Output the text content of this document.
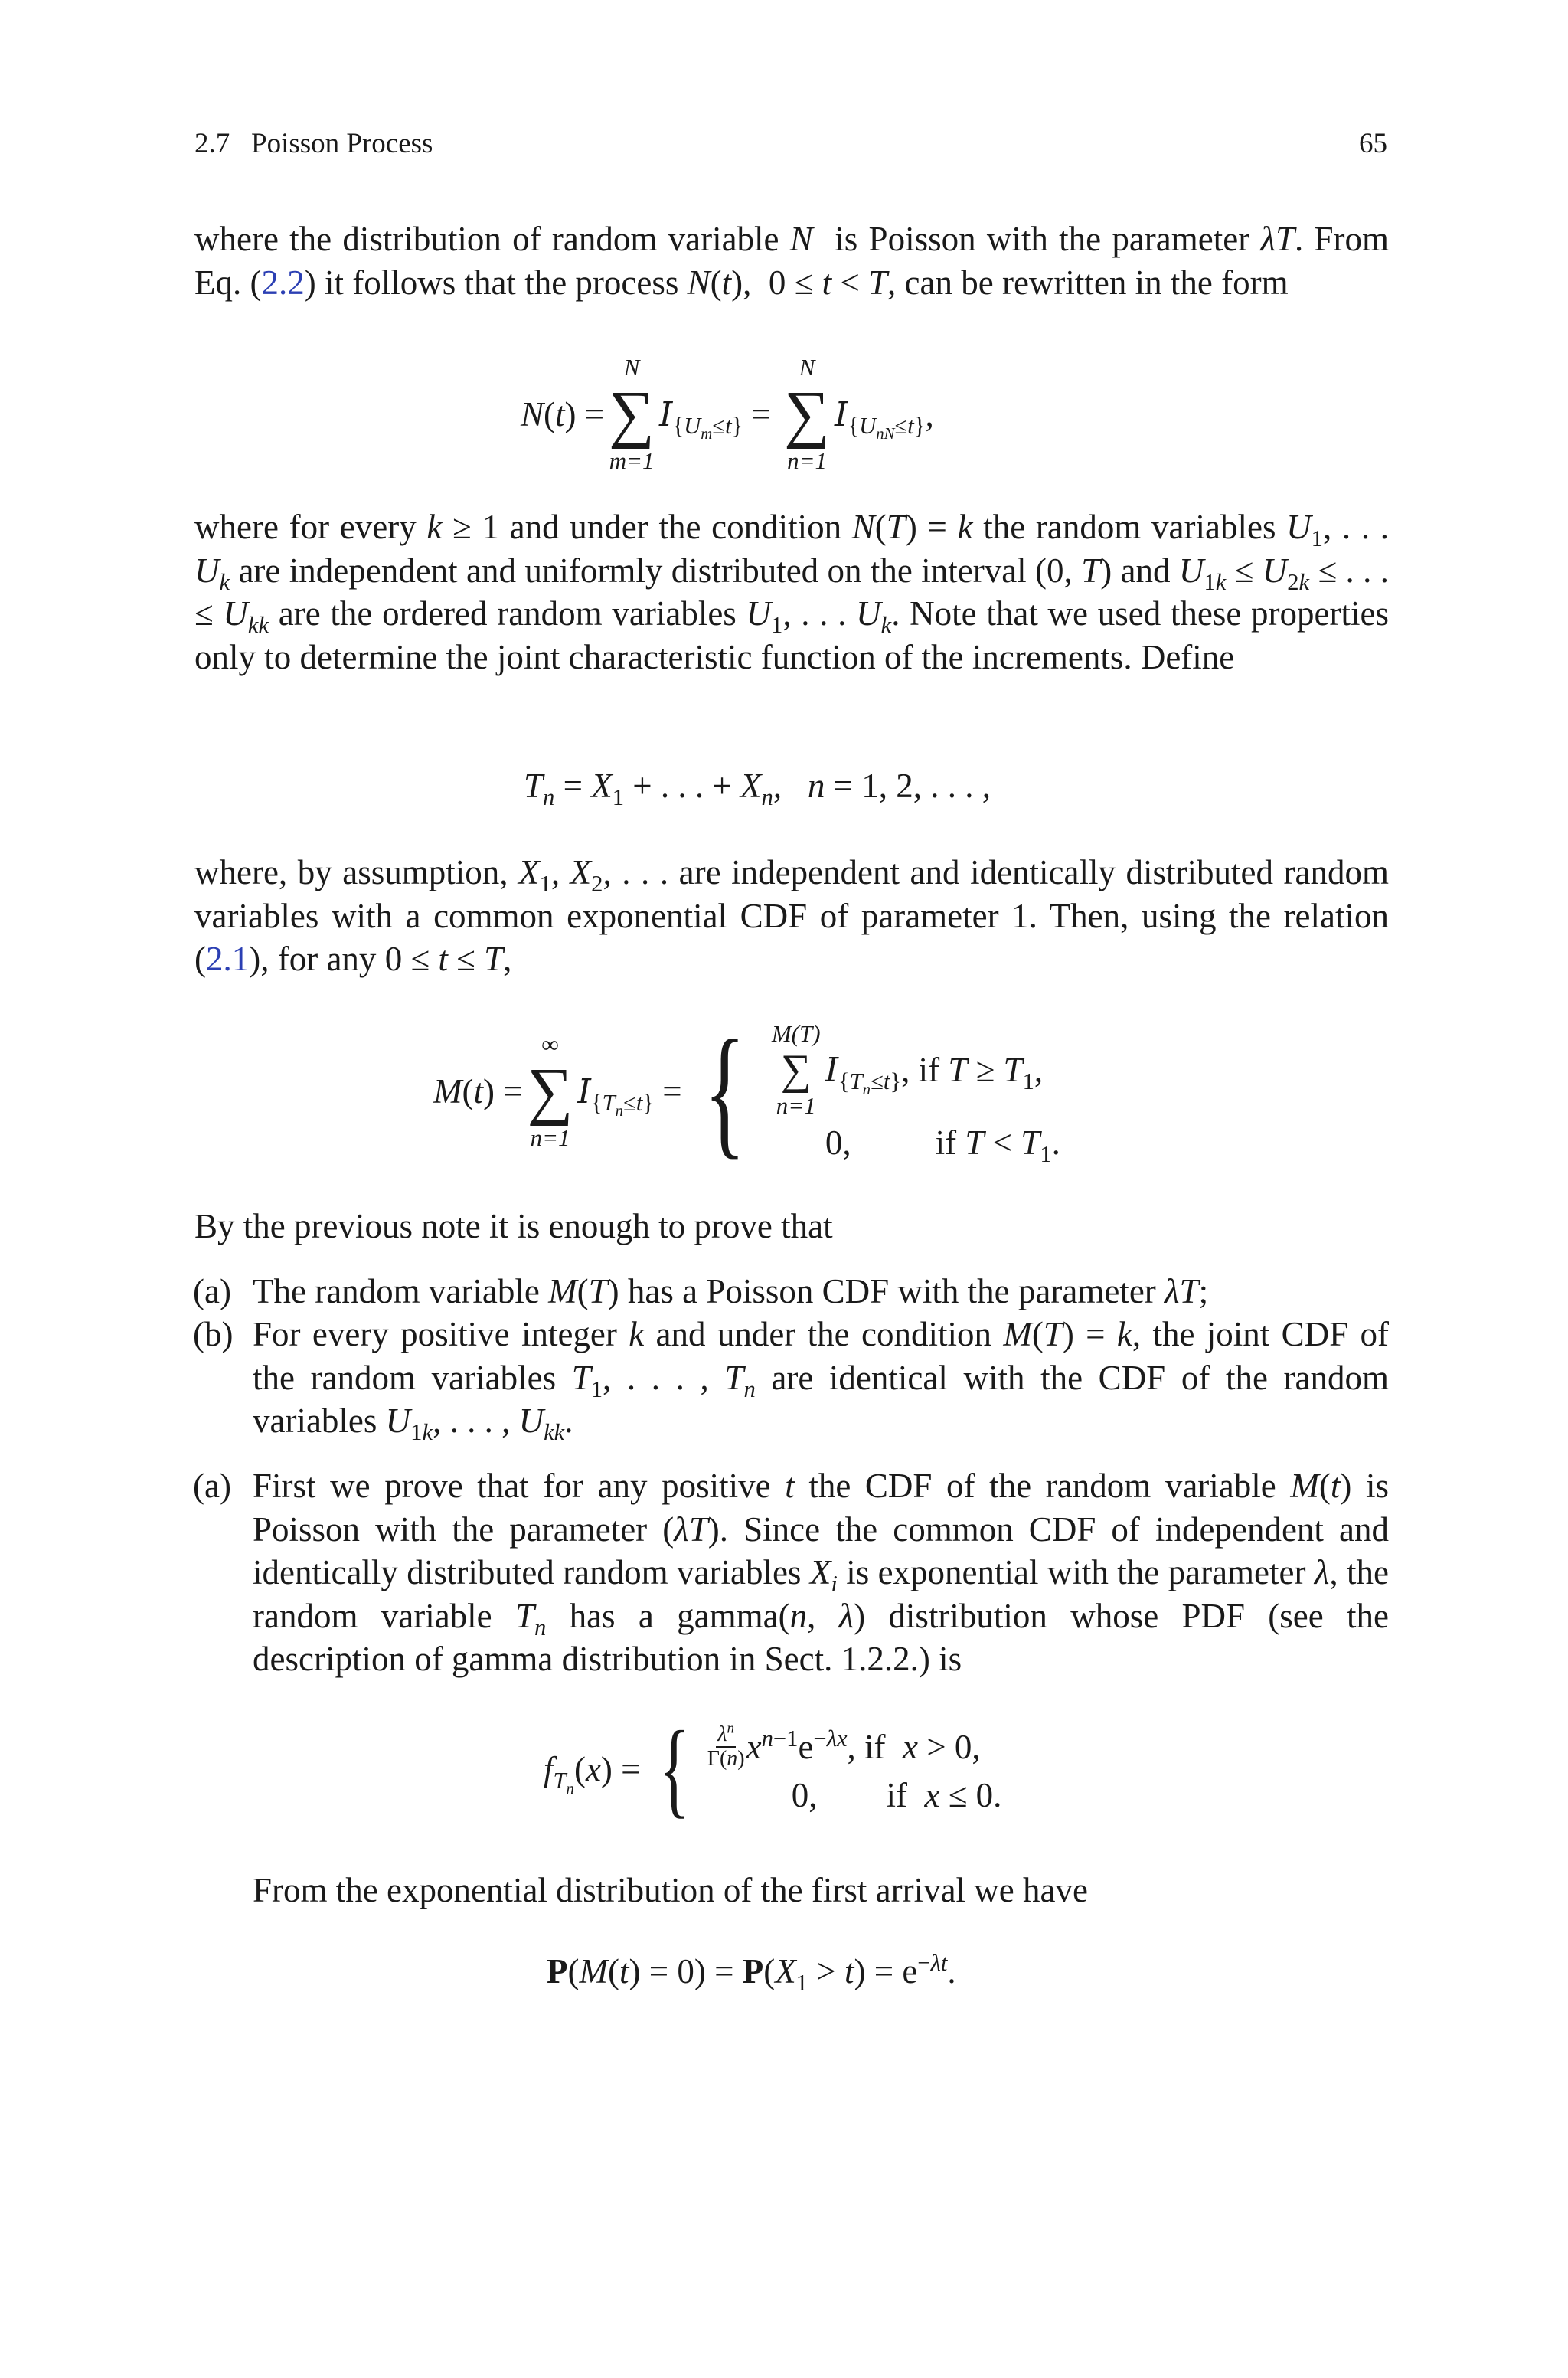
2.7   Poisson Process	65
where the distribution of random variable N  is Poisson with the parameter λT. From Eq. (2.2) it follows that the process N(t),  0 ≤ t < T, can be rewritten in the form
N(t) =
N
∑
m=1
$I_{\{U_m\le t\}}$ =
N
∑
n=1
$I_{\{U_{nN}\le t\}}$,
where for every k ≥ 1 and under the condition N(T) = k the random variables $U_1$, . . . $U_k$ are independent and uniformly distributed on the interval (0, T) and $U_{1k} \le U_{2k}$ ≤ . . . ≤ $U_{kk}$ are the ordered random variables $U_1$, . . . $U_k$. Note that we used these properties only to determine the joint characteristic function of the increments. Define
$T_n = X_1$ + . . . + $X_n$,   n = 1, 2, . . . ,
where, by assumption, $X_1$, $X_2$, . . . are independent and identically distributed random variables with a common exponential CDF of parameter 1. Then, using the relation (2.1), for any 0 ≤ t ≤ T,
M(t) =
∞
∑
n=1
$I_{\{T_n\le t\}}$ = { M(T)
∑
n=1
$I_{\{T_n\le t\}}$, if $T \ge T_1$,
0, if $T < T_1$.
By the previous note it is enough to prove that
(a) The random variable M(T) has a Poisson CDF with the parameter λT;
(b) For every positive integer k and under the condition M(T) = k, the joint CDF of the random variables $T_1$, . . . , $T_n$ are identical with the CDF of the random variables $U_{1k}$, . . . , $U_{kk}$.
(a) First we prove that for any positive t the CDF of the random variable M(t) is Poisson with the parameter (λT). Since the common CDF of independent and identically distributed random variables $X_i$ is exponential with the parameter λ, the random variable $T_n$ has a gamma(n, λ) distribution whose PDF (see the description of gamma distribution in Sect. 1.2.2.) is
$f_{T_n}(x)$ = { $\frac{\lambda^n}{\Gamma(n)} x^{n-1}e^{-\lambda x}$, if x > 0,
0, if x ≤ 0.
From the exponential distribution of the first arrival we have
$P(M(t) = 0) = P(X_1 > t) = e^{-\lambda t}$.
